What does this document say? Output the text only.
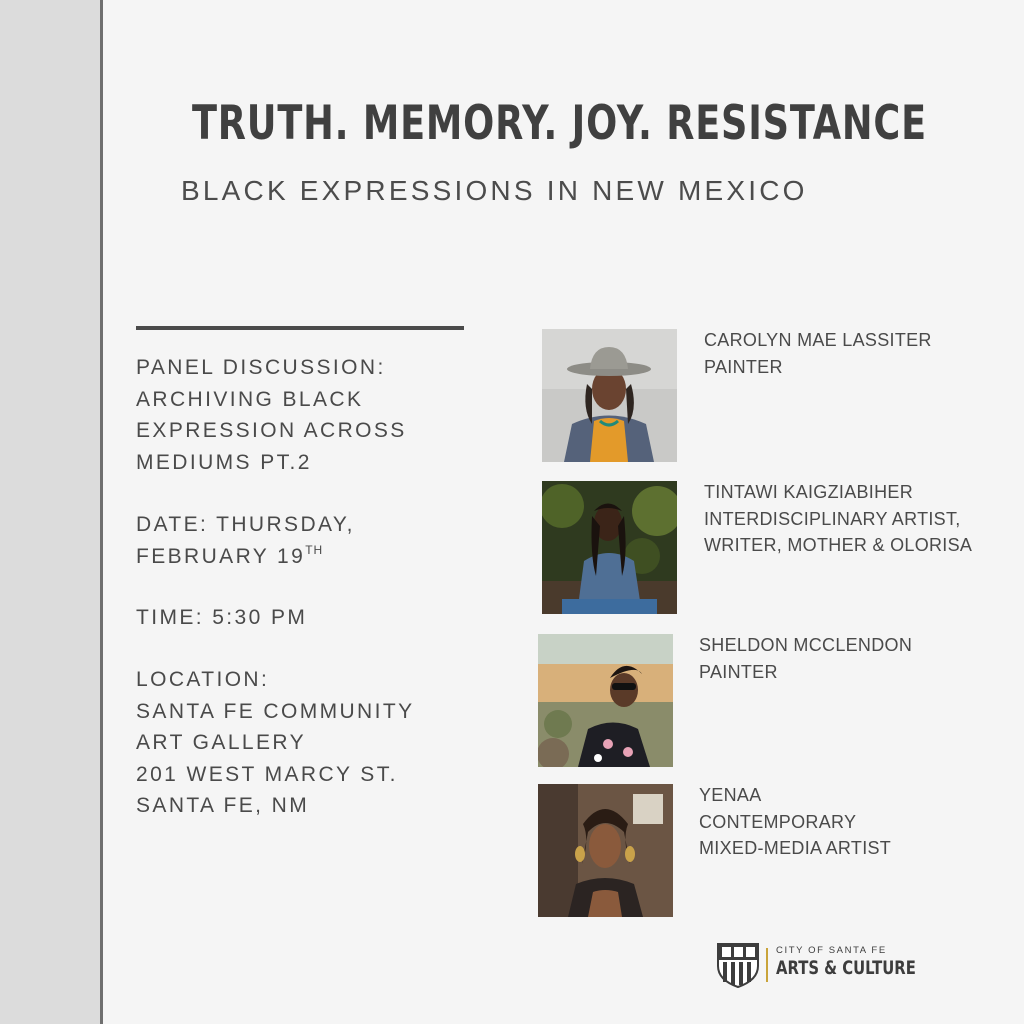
TRUTH. MEMORY. JOY. RESISTANCE
BLACK EXPRESSIONS IN NEW MEXICO
PANEL DISCUSSION:
ARCHIVING BLACK
EXPRESSION ACROSS
MEDIUMS PT.2
DATE: THURSDAY,
FEBRUARY 19TH
TIME: 5:30 PM
LOCATION:
SANTA FE COMMUNITY
ART GALLERY
201 WEST MARCY ST.
SANTA FE, NM
CAROLYN MAE LASSITER
PAINTER
TINTAWI KAIGZIABIHER
INTERDISCIPLINARY ARTIST,
WRITER, MOTHER & OLORISA
SHELDON MCCLENDON
PAINTER
YENAA
CONTEMPORARY
MIXED-MEDIA ARTIST
CITY OF SANTA FE
ARTS & CULTURE
